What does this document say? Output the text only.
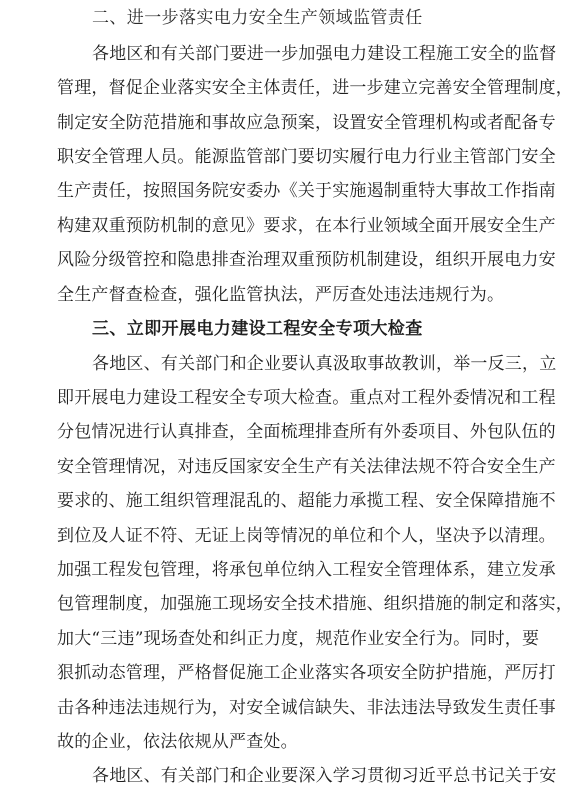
二、进一步落实电力安全生产领域监管责任
各地区和有关部门要进一步加强电力建设工程施工安全的监督
管理，督促企业落实安全主体责任，进一步建立完善安全管理制度，
制定安全防范措施和事故应急预案，设置安全管理机构或者配备专
职安全管理人员。能源监管部门要切实履行电力行业主管部门安全
生产责任，按照国务院安委办《关于实施遏制重特大事故工作指南
构建双重预防机制的意见》要求，在本行业领域全面开展安全生产
风险分级管控和隐患排查治理双重预防机制建设，组织开展电力安
全生产督查检查，强化监管执法，严厉查处违法违规行为。
三、立即开展电力建设工程安全专项大检查
各地区、有关部门和企业要认真汲取事故教训，举一反三，立
即开展电力建设工程安全专项大检查。重点对工程外委情况和工程
分包情况进行认真排查，全面梳理排查所有外委项目、外包队伍的
安全管理情况，对违反国家安全生产有关法律法规不符合安全生产
要求的、施工组织管理混乱的、超能力承揽工程、安全保障措施不
到位及人证不符、无证上岗等情况的单位和个人，坚决予以清理。
加强工程发包管理，将承包单位纳入工程安全管理体系，建立发承
包管理制度，加强施工现场安全技术措施、组织措施的制定和落实，
加大“三违”现场查处和纠正力度，规范作业安全行为。同时，要
狠抓动态管理，严格督促施工企业落实各项安全防护措施，严厉打
击各种违法违规行为，对安全诚信缺失、非法违法导致发生责任事
故的企业，依法依规从严查处。
各地区、有关部门和企业要深入学习贯彻习近平总书记关于安
